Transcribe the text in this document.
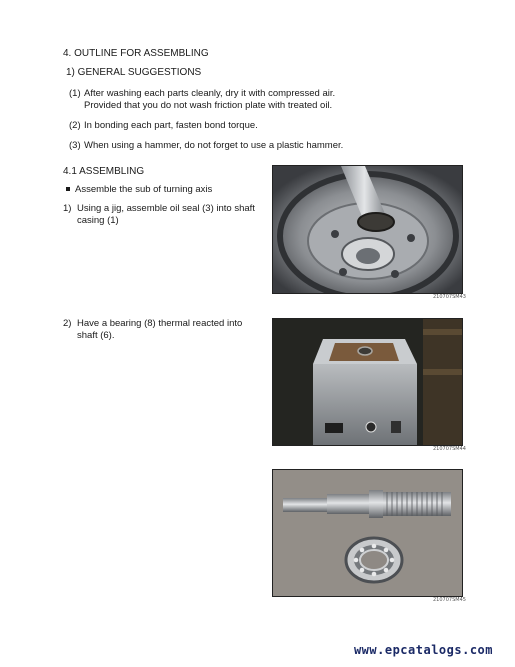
4. OUTLINE FOR ASSEMBLING
1) GENERAL SUGGESTIONS
(1) After washing each parts cleanly, dry it with compressed air.
Provided that you do not wash friction plate with treated oil.
(2) In bonding each part, fasten bond torque.
(3) When using a hammer, do not forget to use a plastic hammer.
4.1 ASSEMBLING
Assemble the sub of turning axis
1) Using a jig, assemble oil seal (3) into shaft
casing (1)
2) Have a bearing (8) thermal reacted into
shaft (6).
210707SM43
210707SM44
210707SM45
www.epcatalogs.com
